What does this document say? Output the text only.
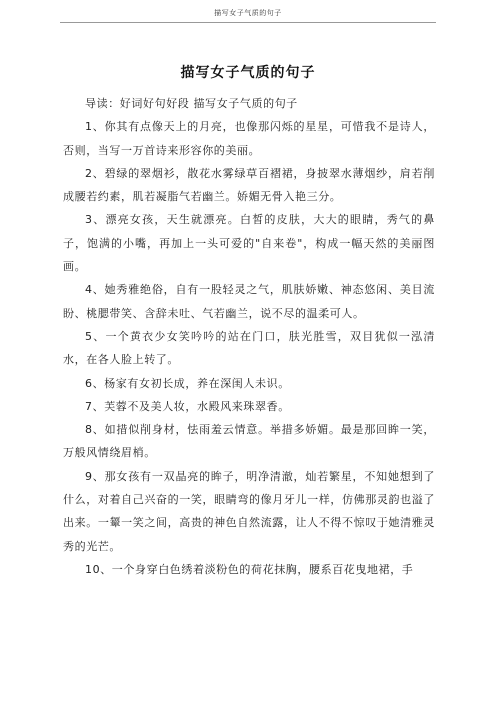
描写女子气质的句子
描写女子气质的句子

导读：好词好句好段 描写女子气质的句子

1、你其有点像天上的月亮，也像那闪烁的星星，可惜我不是诗人，否则，当写一万首诗来形容你的美丽。

2、碧绿的翠烟衫，散花水雾绿草百褶裙，身披翠水薄烟纱，肩若削成腰若约素，肌若凝脂气若幽兰。娇媚无骨入艳三分。

3、漂亮女孩，天生就漂亮。白皙的皮肤，大大的眼睛，秀气的鼻子，饱满的小嘴，再加上一头可爱的"自来卷"，构成一幅天然的美丽图画。

4、她秀雅绝俗，自有一股轻灵之气，肌肤娇嫩、神态悠闲、美目流盼、桃腮带笑、含辞未吐、气若幽兰，说不尽的温柔可人。

5、一个黄衣少女笑吟吟的站在门口，肤光胜雪，双目犹似一泓清水，在各人脸上转了。

6、杨家有女初长成，养在深闺人未识。

7、芙蓉不及美人妆，水殿风来珠翠香。

8、如措似削身材，怯雨羞云情意。举措多娇媚。最是那回眸一笑，万般风情绕眉梢。

9、那女孩有一双晶亮的眸子，明净清澈，灿若繁星，不知她想到了什么，对着自己兴奋的一笑，眼睛弯的像月牙儿一样，仿佛那灵韵也溢了出来。一颦一笑之间，高贵的神色自然流露，让人不得不惊叹于她清雅灵秀的光芒。

10、一个身穿白色绣着淡粉色的荷花抹胸，腰系百花曳地裙，手
